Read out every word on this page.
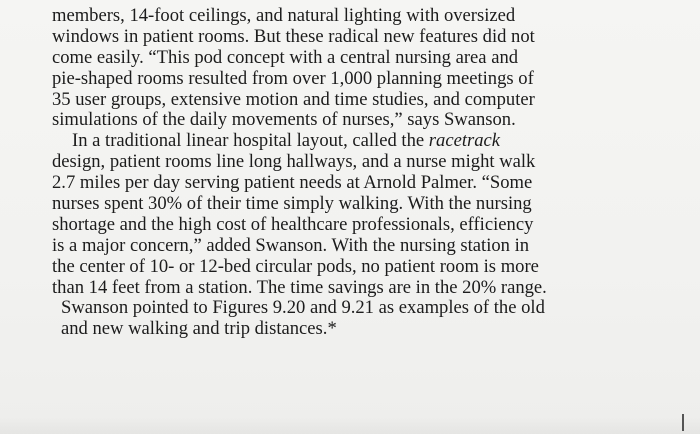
members, 14-foot ceilings, and natural lighting with oversized
windows in patient rooms. But these radical new features did not
come easily. “This pod concept with a central nursing area and
pie-shaped rooms resulted from over 1,000 planning meetings of
35 user groups, extensive motion and time studies, and computer
simulations of the daily movements of nurses,” says Swanson.
In a traditional linear hospital layout, called the racetrack
design, patient rooms line long hallways, and a nurse might walk
2.7 miles per day serving patient needs at Arnold Palmer. “Some
nurses spent 30% of their time simply walking. With the nursing
shortage and the high cost of healthcare professionals, efficiency
is a major concern,” added Swanson. With the nursing station in
the center of 10- or 12-bed circular pods, no patient room is more
than 14 feet from a station. The time savings are in the 20% range.
Swanson pointed to Figures 9.20 and 9.21 as examples of the old
and new walking and trip distances.*
